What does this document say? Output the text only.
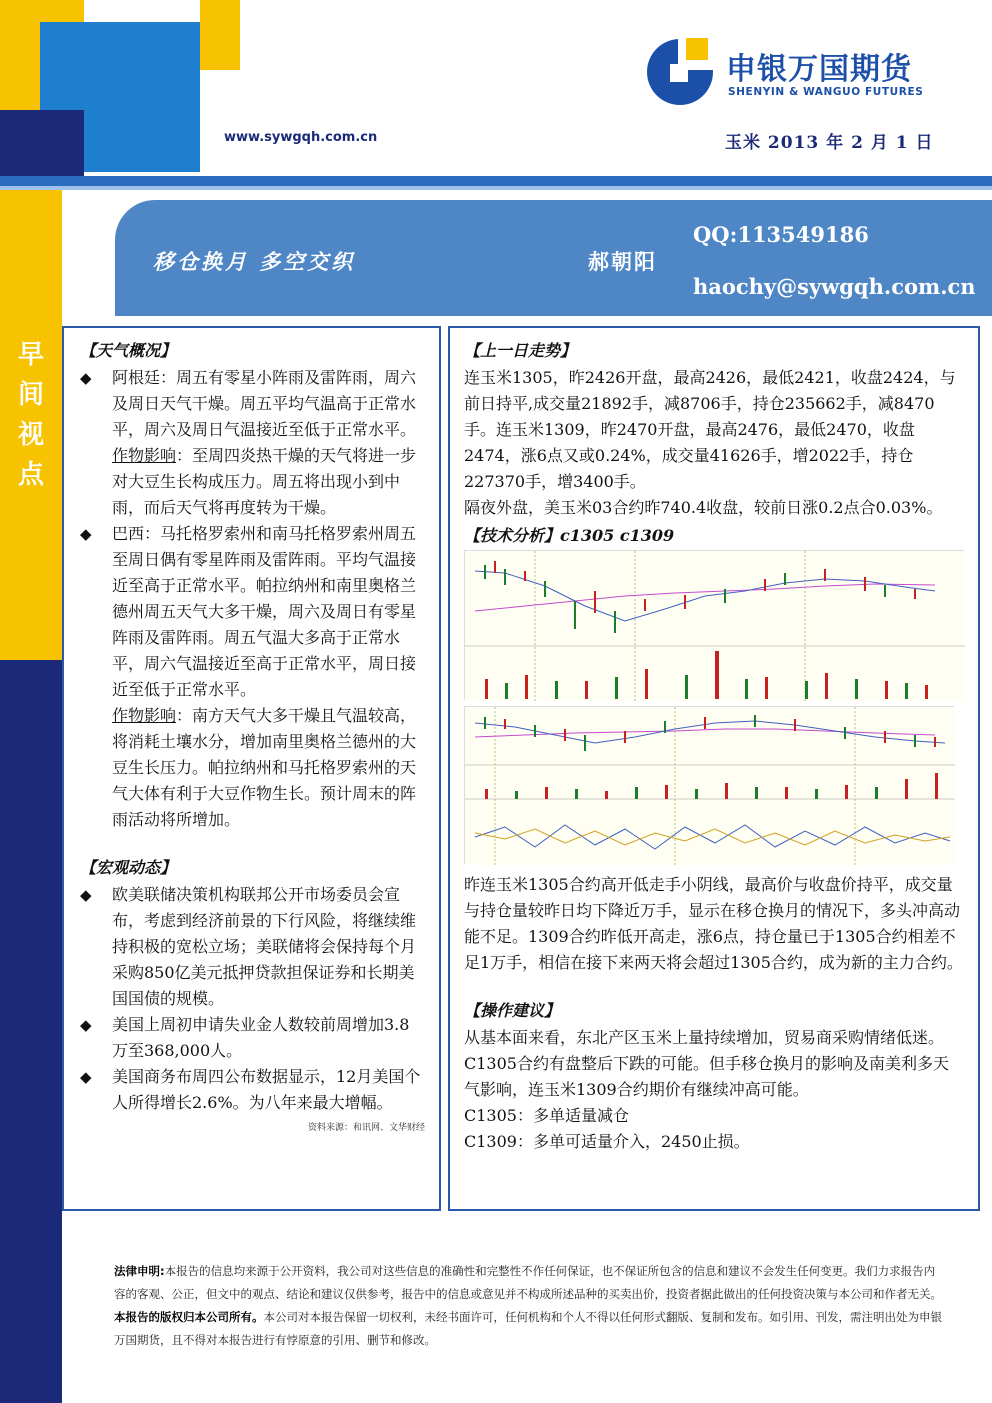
申银万国期货
SHENYIN & WANGUO FUTURES
www.sywgqh.com.cn	玉米 2013 年 2 月 1 日
早间视点
移仓换月 多空交织	郝朝阳
QQ:113549186
haochy@sywgqh.com.cn
【天气概况】
◆	阿根廷：周五有零星小阵雨及雷阵雨，周六及周日天气干燥。周五平均气温高于正常水平，周六及周日气温接近至低于正常水平。
作物影响：至周四炎热干燥的天气将进一步对大豆生长构成压力。周五将出现小到中雨，而后天气将再度转为干燥。
◆	巴西：马托格罗索州和南马托格罗索州周五至周日偶有零星阵雨及雷阵雨。平均气温接近至高于正常水平。帕拉纳州和南里奥格兰德州周五天气大多干燥，周六及周日有零星阵雨及雷阵雨。周五气温大多高于正常水平，周六气温接近至高于正常水平，周日接近至低于正常水平。
作物影响：南方天气大多干燥且气温较高，将消耗土壤水分，增加南里奥格兰德州的大豆生长压力。帕拉纳州和马托格罗索州的天气大体有利于大豆作物生长。预计周末的阵雨活动将所增加。
【宏观动态】
◆	欧美联储决策机构联邦公开市场委员会宣布，考虑到经济前景的下行风险，将继续维持积极的宽松立场；美联储将会保持每个月采购850亿美元抵押贷款担保证券和长期美国国债的规模。
◆	美国上周初申请失业金人数较前周增加3.8万至368,000人。
◆	美国商务布周四公布数据显示，12月美国个人所得增长2.6%。为八年来最大增幅。
资料来源：和讯网、文华财经
【上一日走势】
连玉米1305，昨2426开盘，最高2426，最低2421，收盘2424，与前日持平,成交量21892手，减8706手，持仓235662手，减8470手。连玉米1309，昨2470开盘，最高2476，最低2470，收盘2474，涨6点又或0.24%，成交量41626手，增2022手，持仓227370手，增3400手。
隔夜外盘，美玉米03合约昨740.4收盘，较前日涨0.2点合0.03%。
【技术分析】c1305 c1309
昨连玉米1305合约高开低走手小阴线，最高价与收盘价持平，成交量与持仓量较昨日均下降近万手，显示在移仓换月的情况下，多头冲高动能不足。1309合约昨低开高走，涨6点，持仓量已于1305合约相差不足1万手，相信在接下来两天将会超过1305合约，成为新的主力合约。
【操作建议】
从基本面来看，东北产区玉米上量持续增加，贸易商采购情绪低迷。C1305合约有盘整后下跌的可能。但手移仓换月的影响及南美利多天气影响，连玉米1309合约期价有继续冲高可能。
C1305：多单适量减仓
C1309：多单可适量介入，2450止损。
法律申明:本报告的信息均来源于公开资料，我公司对这些信息的准确性和完整性不作任何保证，也不保证所包含的信息和建议不会发生任何变更。我们力求报告内容的客观、公正，但文中的观点、结论和建议仅供参考，报告中的信息或意见并不构成所述品种的买卖出价，投资者据此做出的任何投资决策与本公司和作者无关。
本报告的版权归本公司所有。本公司对本报告保留一切权利，未经书面许可，任何机构和个人不得以任何形式翻版、复制和发布。如引用、刊发，需注明出处为申银万国期货，且不得对本报告进行有悖原意的引用、删节和修改。
